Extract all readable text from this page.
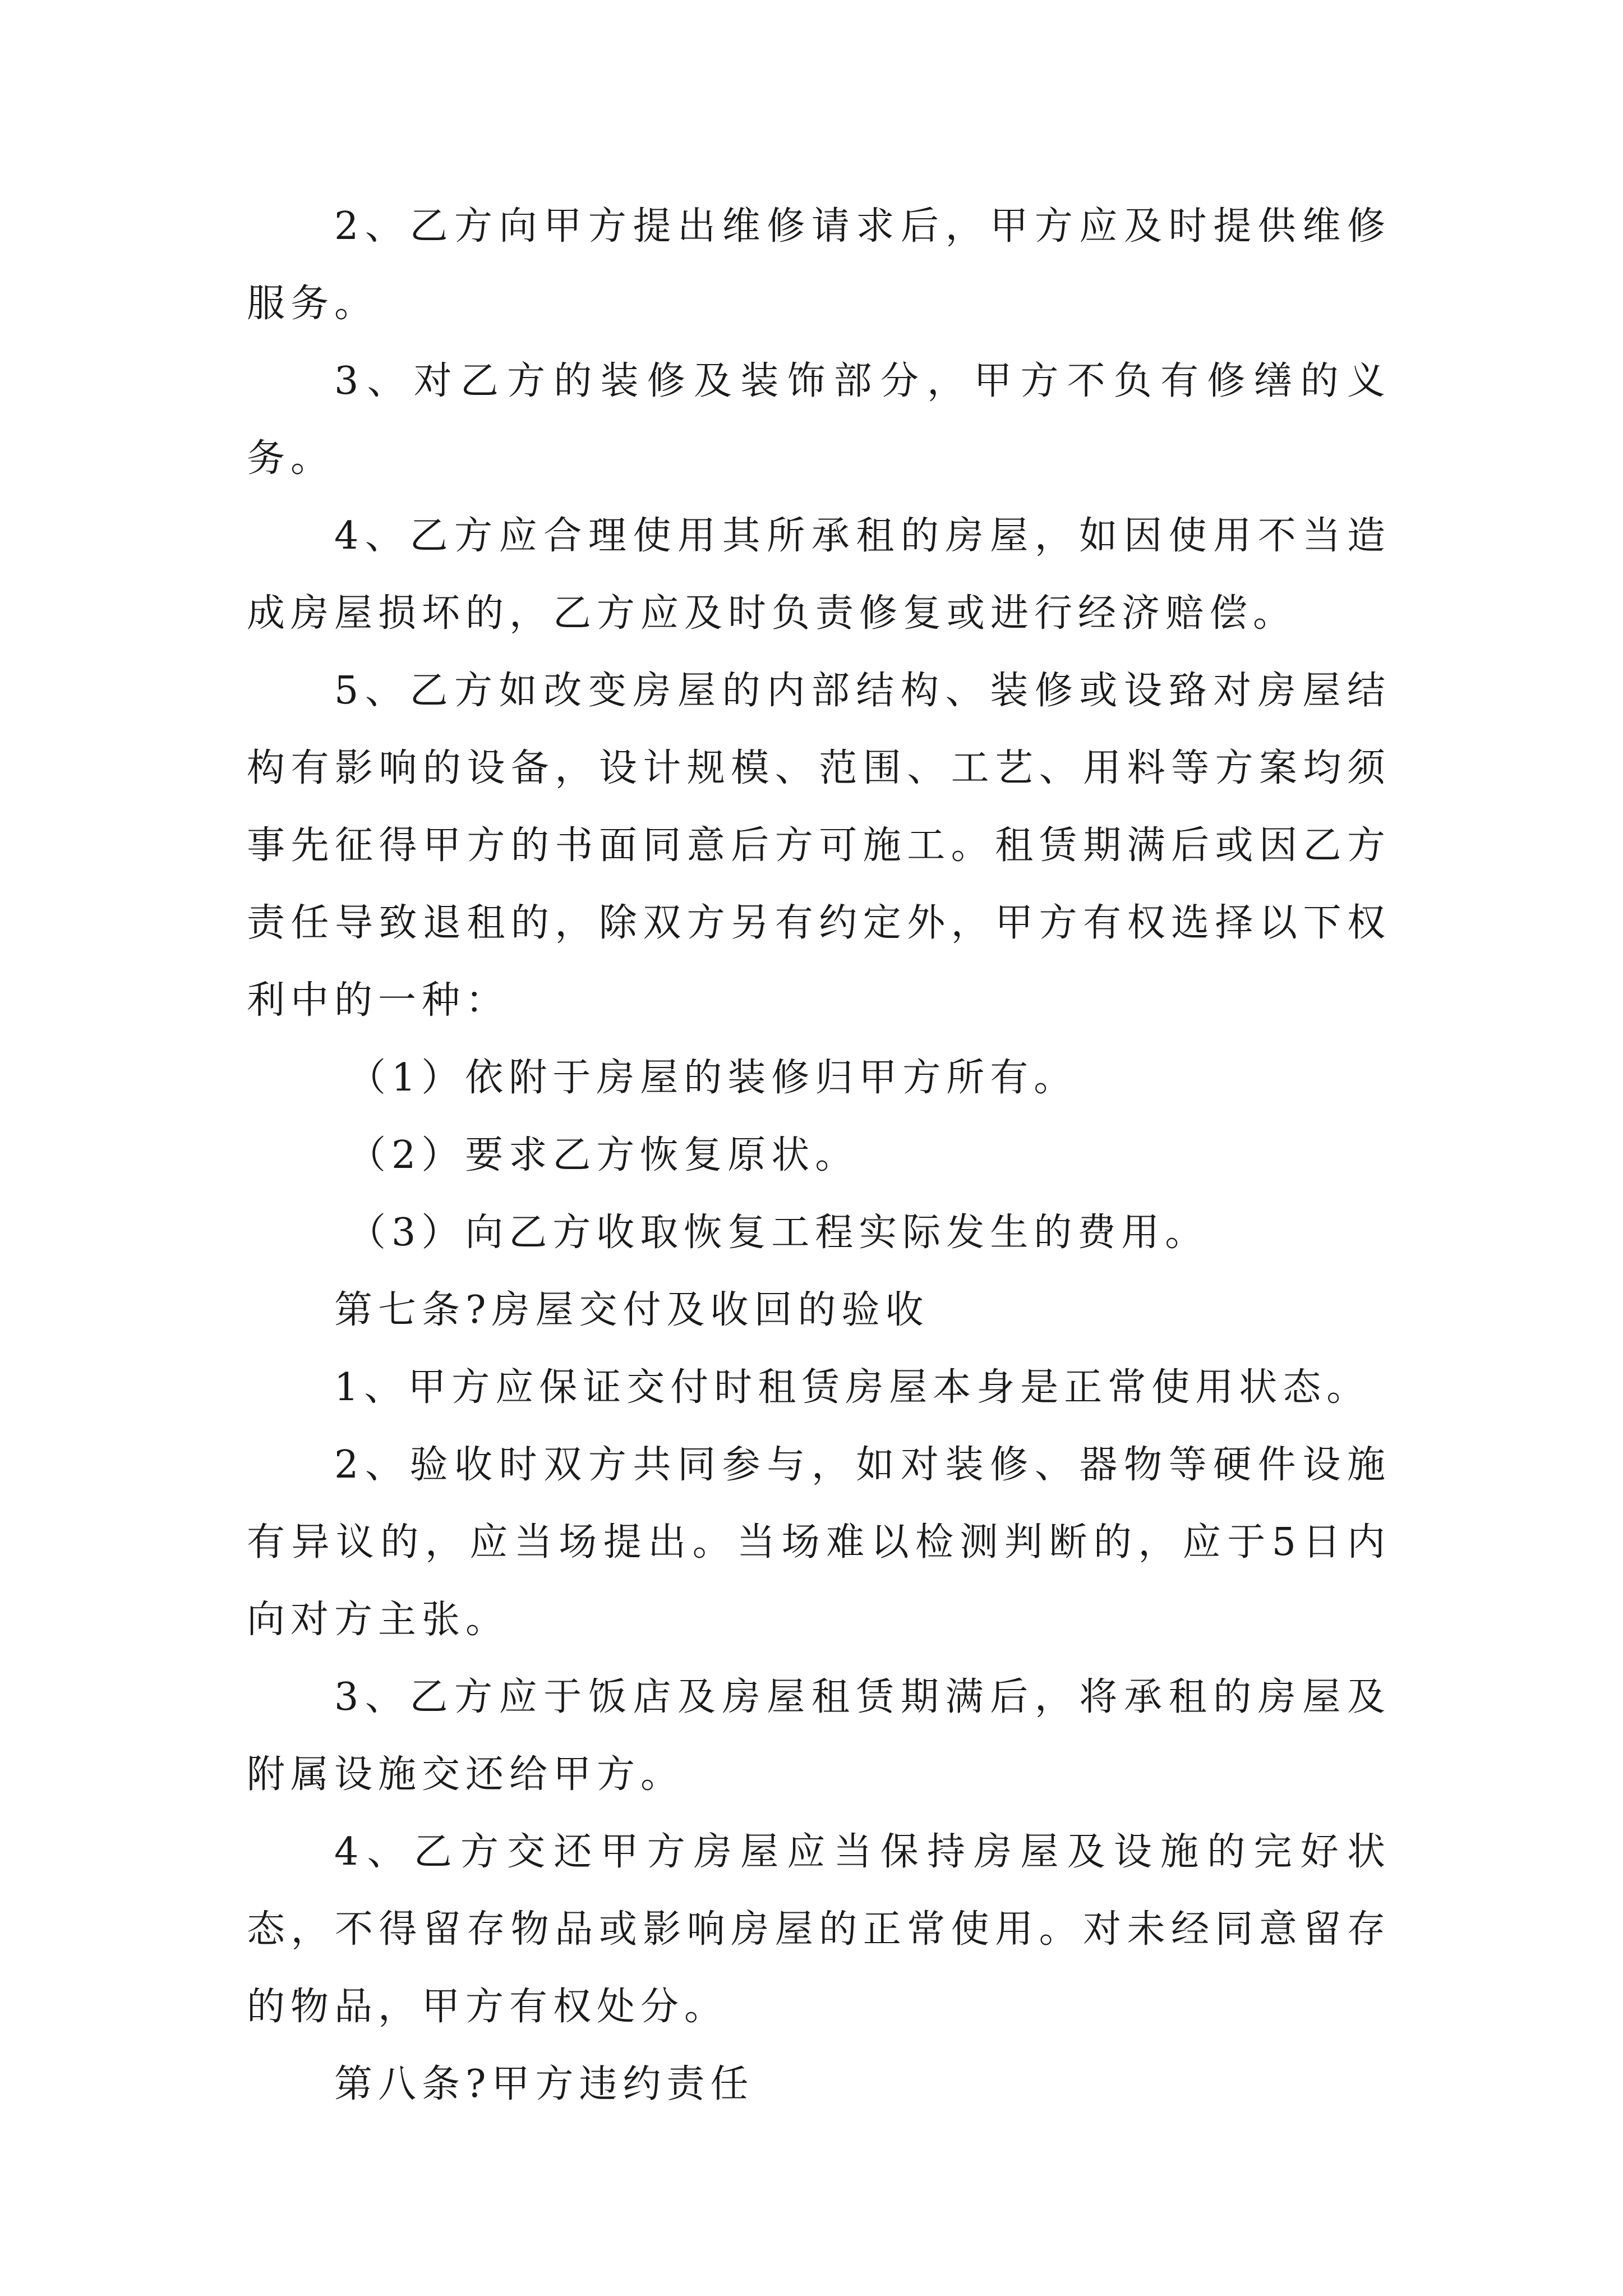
2、乙方向甲方提出维修请求后，甲方应及时提供维修服务。

3、对乙方的装修及装饰部分，甲方不负有修缮的义务。

4、乙方应合理使用其所承租的房屋，如因使用不当造成房屋损坏的，乙方应及时负责修复或进行经济赔偿。

5、乙方如改变房屋的内部结构、装修或设臵对房屋结构有影响的设备，设计规模、范围、工艺、用料等方案均须事先征得甲方的书面同意后方可施工。租赁期满后或因乙方责任导致退租的，除双方另有约定外，甲方有权选择以下权利中的一种：

（1）依附于房屋的装修归甲方所有。

（2）要求乙方恢复原状。

（3）向乙方收取恢复工程实际发生的费用。

第七条?房屋交付及收回的验收

1、甲方应保证交付时租赁房屋本身是正常使用状态。

2、验收时双方共同参与，如对装修、器物等硬件设施有异议的，应当场提出。当场难以检测判断的，应于5日内向对方主张。

3、乙方应于饭店及房屋租赁期满后，将承租的房屋及附属设施交还给甲方。

4、乙方交还甲方房屋应当保持房屋及设施的完好状态，不得留存物品或影响房屋的正常使用。对未经同意留存的物品，甲方有权处分。

第八条?甲方违约责任
